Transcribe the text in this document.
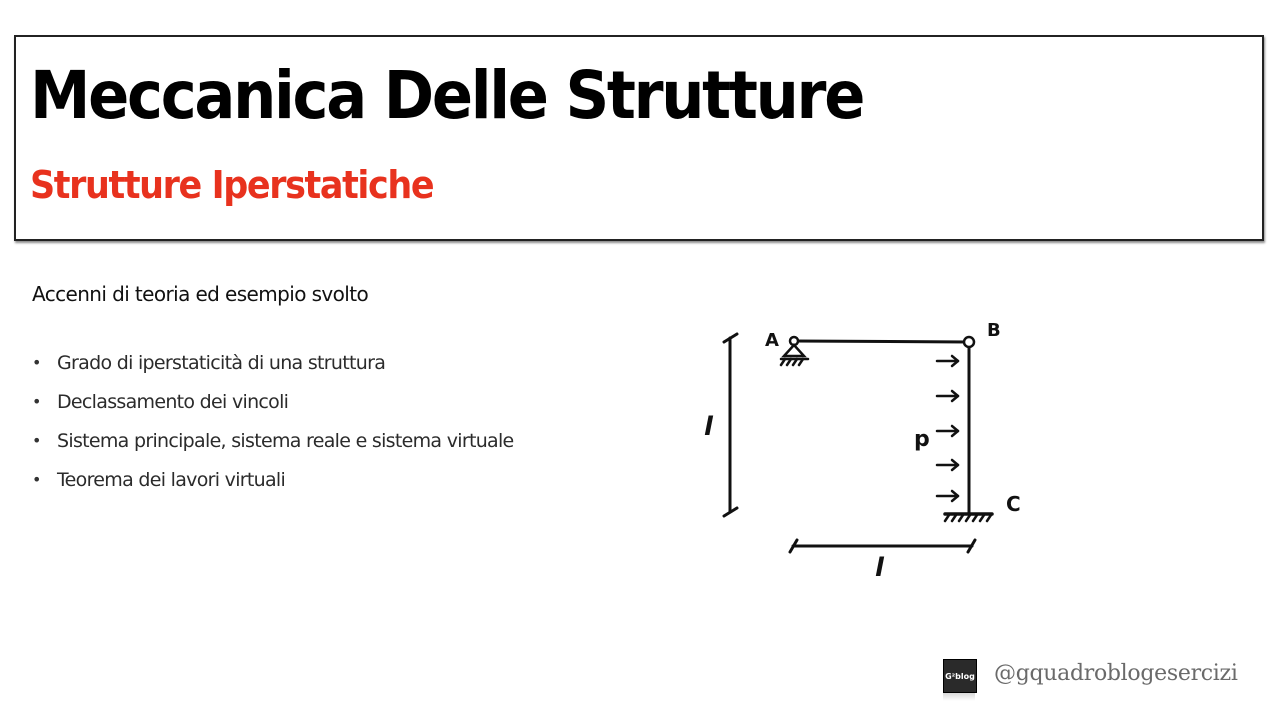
Meccanica Delle Strutture
Strutture Iperstatiche
Accenni di teoria ed esempio svolto
• Grado di iperstaticità di una struttura
• Declassamento dei vincoli
• Sistema principale, sistema reale e sistema virtuale
• Teorema dei lavori virtuali
l
A	B
C
p
l
G²blog @gquadroblogesercizi
